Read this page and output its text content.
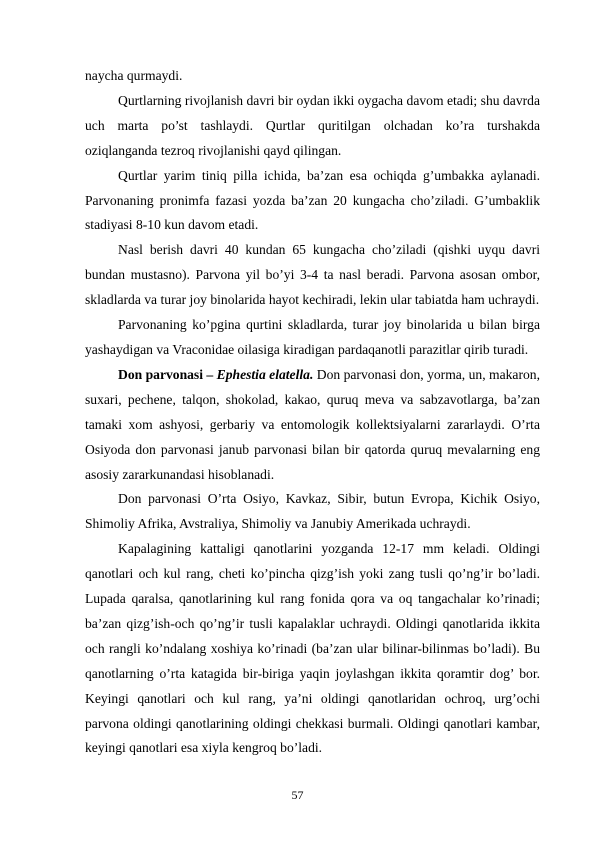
naycha qurmaydi.

Qurtlarning rivojlanish davri bir oydan ikki oygacha davom etadi; shu davrda uch marta po’st tashlaydi. Qurtlar quritilgan olchadan ko’ra turshakda oziqlanganda tezroq rivojlanishi qayd qilingan.

Qurtlar yarim tiniq pilla ichida, ba’zan esa ochiqda g’umbakka aylanadi. Parvonaning pronimfa fazasi yozda ba’zan 20 kungacha cho’ziladi. G’umbaklik stadiyasi 8-10 kun davom etadi.

Nasl berish davri 40 kundan 65 kungacha cho’ziladi (qishki uyqu davri bundan mustasno). Parvona yil bo’yi 3-4 ta nasl beradi. Parvona asosan ombor, skladlarda va turar joy binolarida hayot kechiradi, lekin ular tabiatda ham uchraydi.

Parvonaning ko’pgina qurtini skladlarda, turar joy binolarida u bilan birga yashaydigan va Vraconidae oilasiga kiradigan pardaqanotli parazitlar qirib turadi.

Don parvonasi – Ephestia elatella. Don parvonasi don, yorma, un, makaron, suxari, pechene, talqon, shokolad, kakao, quruq meva va sabzavotlarga, ba’zan tamaki xom ashyosi, gerbariy va entomologik kollektsiyalarni zararlaydi. O’rta Osiyoda don parvonasi janub parvonasi bilan bir qatorda quruq mevalarning eng asosiy zararkunandasi hisoblanadi.

Don parvonasi O’rta Osiyo, Kavkaz, Sibir, butun Evropa, Kichik Osiyo, Shimoliy Afrika, Avstraliya, Shimoliy va Janubiy Amerikada uchraydi.

Kapalagining kattaligi qanotlarini yozganda 12-17 mm keladi. Oldingi qanotlari och kul rang, cheti ko’pincha qizg’ish yoki zang tusli qo’ng’ir bo’ladi. Lupada qaralsa, qanotlarining kul rang fonida qora va oq tangachalar ko’rinadi; ba’zan qizg’ish-och qo’ng’ir tusli kapalaklar uchraydi. Oldingi qanotlarida ikkita och rangli ko’ndalang xoshiya ko’rinadi (ba’zan ular bilinar-bilinmas bo’ladi). Bu qanotlarning o’rta katagida bir-biriga yaqin joylashgan ikkita qoramtir dog’ bor. Keyingi qanotlari och kul rang, ya’ni oldingi qanotlaridan ochroq, urg’ochi parvona oldingi qanotlarining oldingi chekkasi burmali. Oldingi qanotlari kambar, keyingi qanotlari esa xiyla kengroq bo’ladi.

57
